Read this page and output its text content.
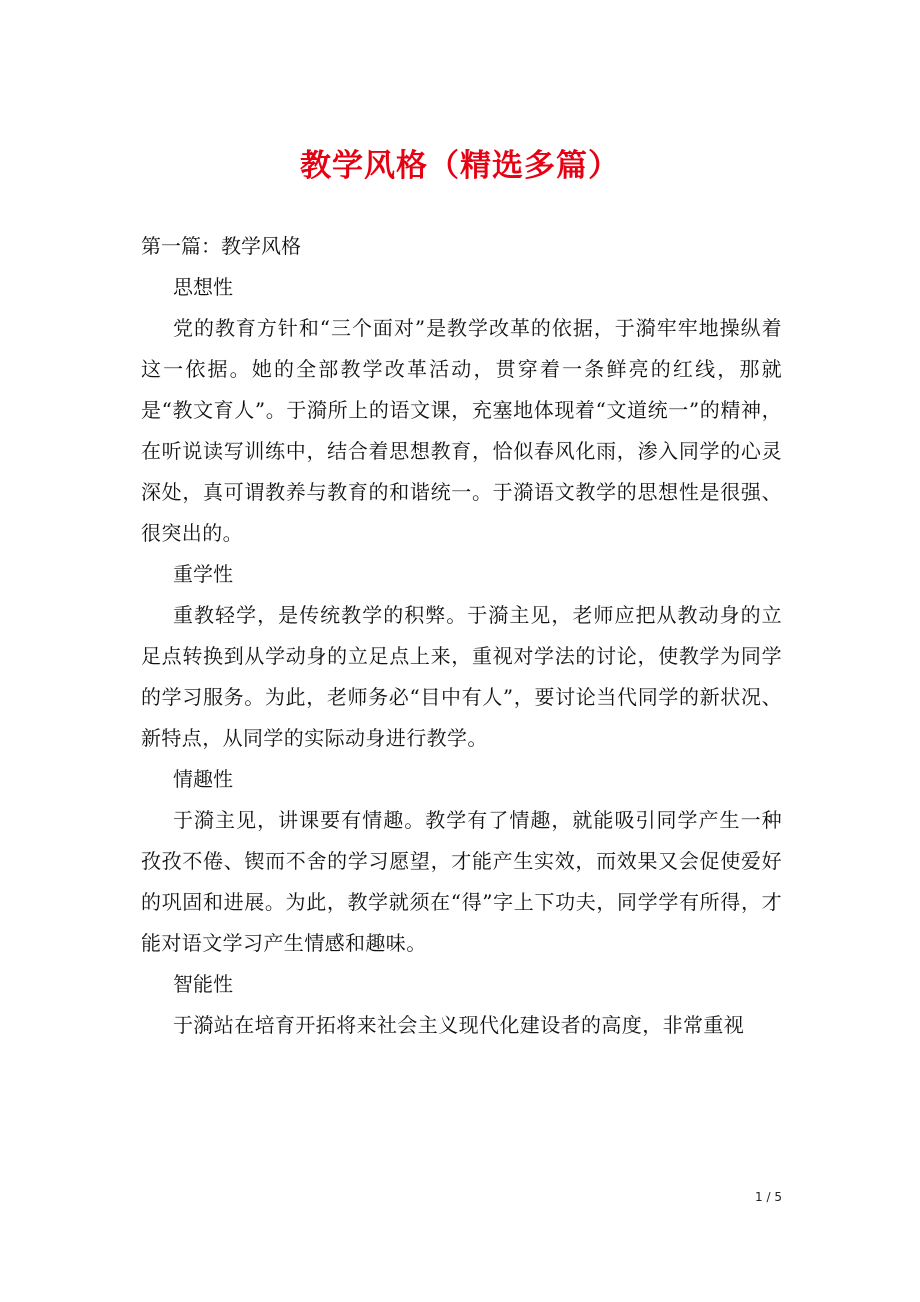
教学风格（精选多篇）

第一篇：教学风格

思想性

党的教育方针和“三个面对”是教学改革的依据，于漪牢牢地操纵着这一依据。她的全部教学改革活动，贯穿着一条鲜亮的红线，那就是“教文育人”。于漪所上的语文课，充塞地体现着“文道统一”的精神，在听说读写训练中，结合着思想教育，恰似春风化雨，渗入同学的心灵深处，真可谓教养与教育的和谐统一。于漪语文教学的思想性是很强、很突出的。

重学性

重教轻学，是传统教学的积弊。于漪主见，老师应把从教动身的立足点转换到从学动身的立足点上来，重视对学法的讨论，使教学为同学的学习服务。为此，老师务必“目中有人”，要讨论当代同学的新状况、新特点，从同学的实际动身进行教学。

情趣性

于漪主见，讲课要有情趣。教学有了情趣，就能吸引同学产生一种孜孜不倦、锲而不舍的学习愿望，才能产生实效，而效果又会促使爱好的巩固和进展。为此，教学就须在“得”字上下功夫，同学学有所得，才能对语文学习产生情感和趣味。

智能性

于漪站在培育开拓将来社会主义现代化建设者的高度，非常重视

1 / 5
